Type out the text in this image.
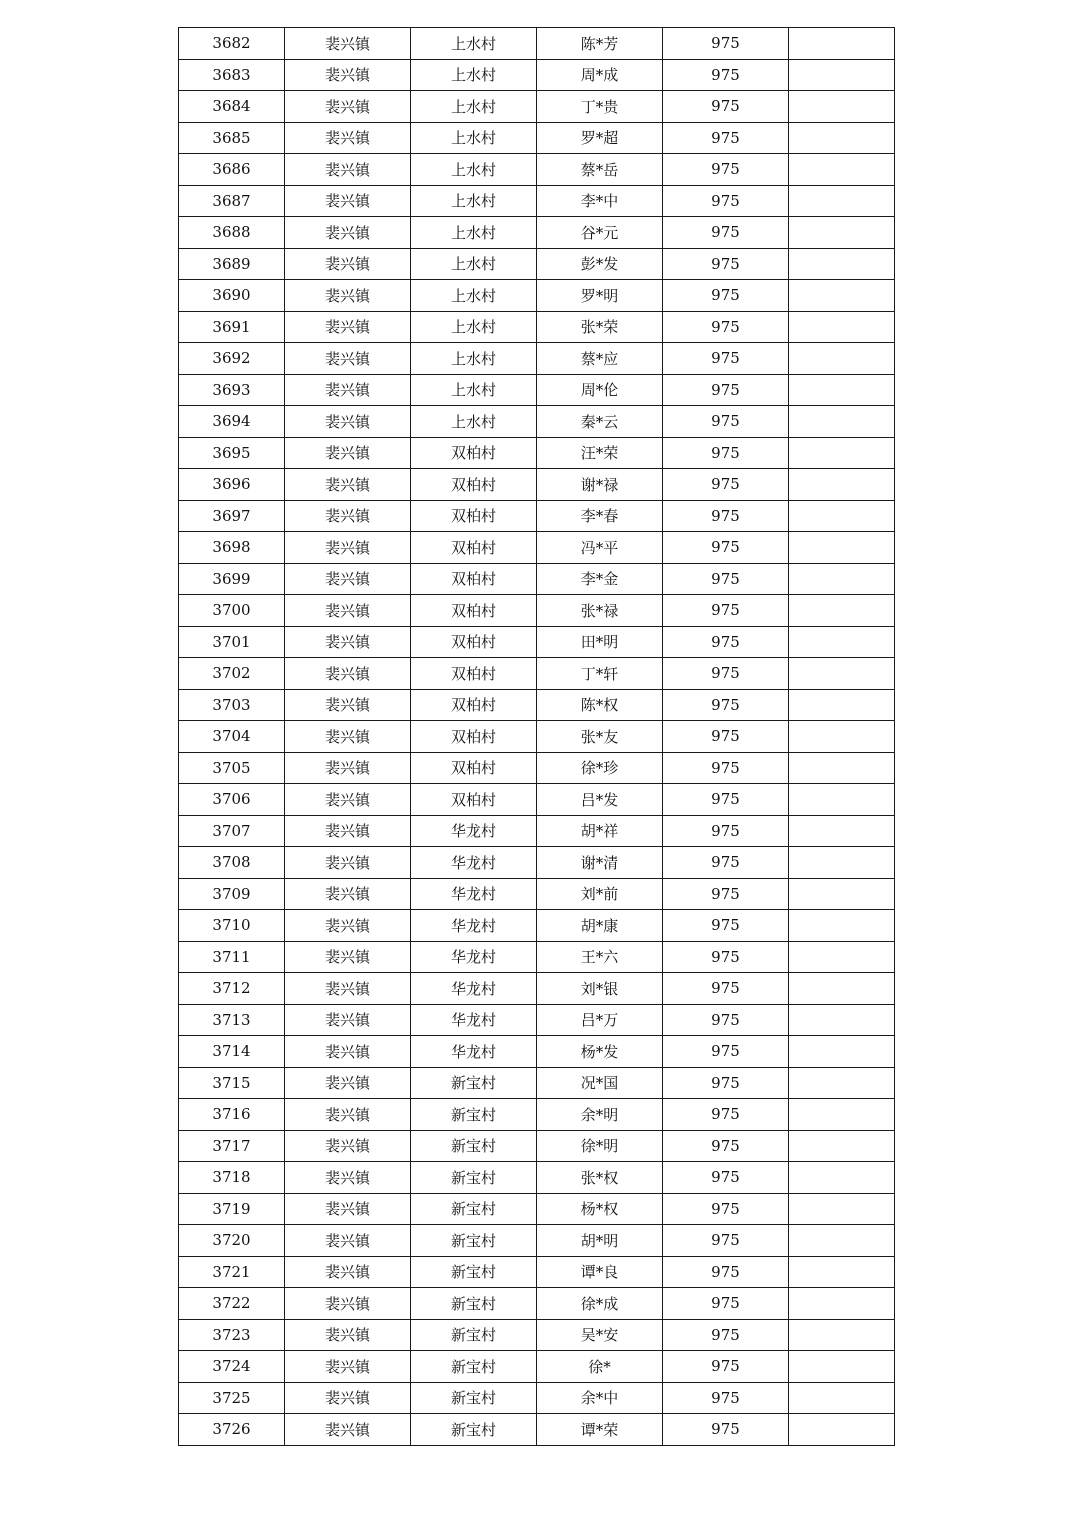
3682	裴兴镇	上水村	陈*芳	975	
3683	裴兴镇	上水村	周*成	975	
3684	裴兴镇	上水村	丁*贵	975	
3685	裴兴镇	上水村	罗*超	975	
3686	裴兴镇	上水村	蔡*岳	975	
3687	裴兴镇	上水村	李*中	975	
3688	裴兴镇	上水村	谷*元	975	
3689	裴兴镇	上水村	彭*发	975	
3690	裴兴镇	上水村	罗*明	975	
3691	裴兴镇	上水村	张*荣	975	
3692	裴兴镇	上水村	蔡*应	975	
3693	裴兴镇	上水村	周*伦	975	
3694	裴兴镇	上水村	秦*云	975	
3695	裴兴镇	双柏村	汪*荣	975	
3696	裴兴镇	双柏村	谢*禄	975	
3697	裴兴镇	双柏村	李*春	975	
3698	裴兴镇	双柏村	冯*平	975	
3699	裴兴镇	双柏村	李*金	975	
3700	裴兴镇	双柏村	张*禄	975	
3701	裴兴镇	双柏村	田*明	975	
3702	裴兴镇	双柏村	丁*轩	975	
3703	裴兴镇	双柏村	陈*权	975	
3704	裴兴镇	双柏村	张*友	975	
3705	裴兴镇	双柏村	徐*珍	975	
3706	裴兴镇	双柏村	吕*发	975	
3707	裴兴镇	华龙村	胡*祥	975	
3708	裴兴镇	华龙村	谢*清	975	
3709	裴兴镇	华龙村	刘*前	975	
3710	裴兴镇	华龙村	胡*康	975	
3711	裴兴镇	华龙村	王*六	975	
3712	裴兴镇	华龙村	刘*银	975	
3713	裴兴镇	华龙村	吕*万	975	
3714	裴兴镇	华龙村	杨*发	975	
3715	裴兴镇	新宝村	况*国	975	
3716	裴兴镇	新宝村	余*明	975	
3717	裴兴镇	新宝村	徐*明	975	
3718	裴兴镇	新宝村	张*权	975	
3719	裴兴镇	新宝村	杨*权	975	
3720	裴兴镇	新宝村	胡*明	975	
3721	裴兴镇	新宝村	谭*良	975	
3722	裴兴镇	新宝村	徐*成	975	
3723	裴兴镇	新宝村	吴*安	975	
3724	裴兴镇	新宝村	徐*	975	
3725	裴兴镇	新宝村	余*中	975	
3726	裴兴镇	新宝村	谭*荣	975	
